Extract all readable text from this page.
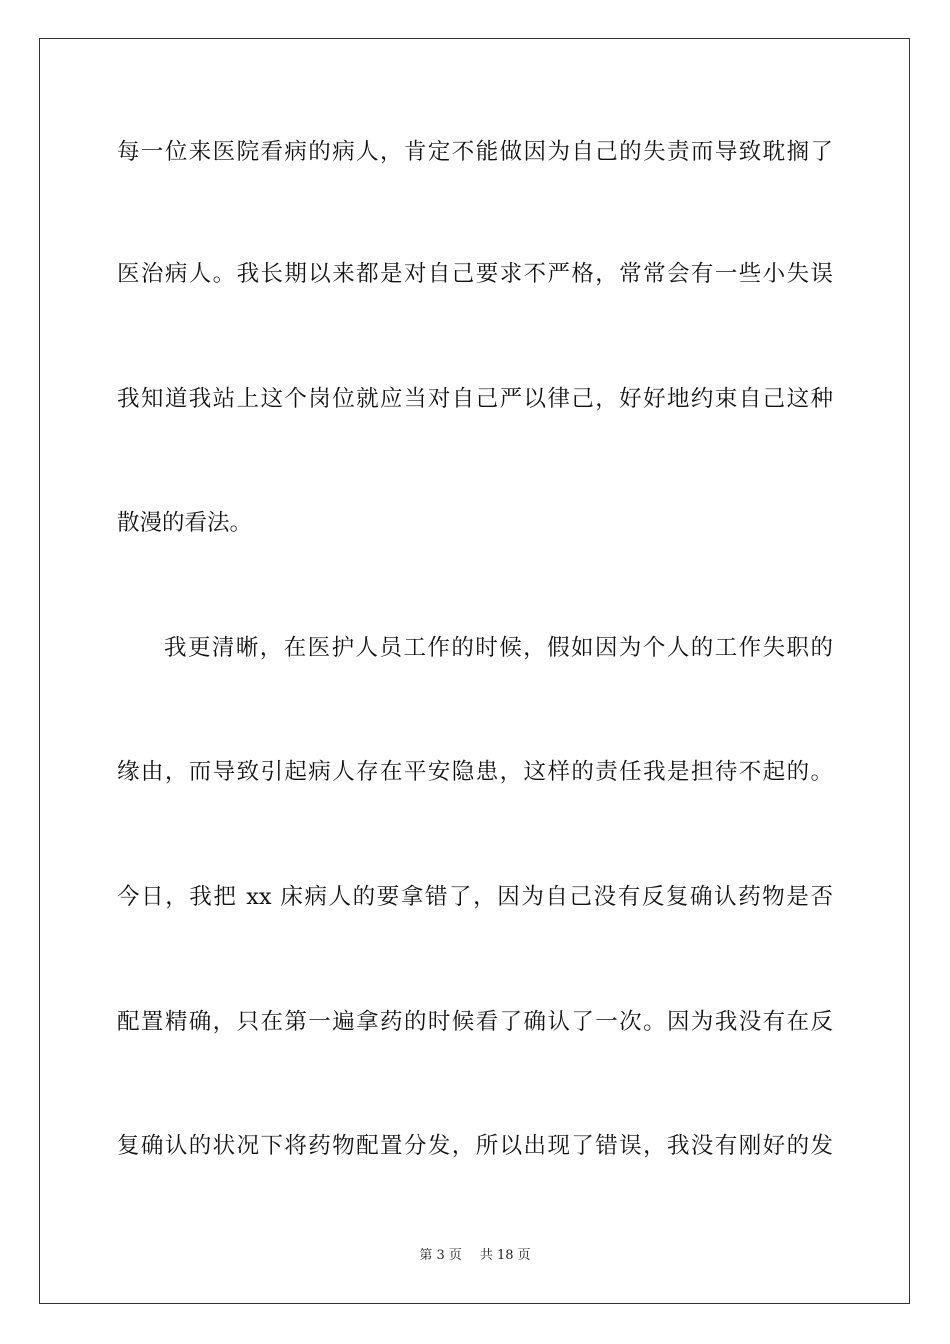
每一位来医院看病的病人，肯定不能做因为自己的失责而导致耽搁了
医治病人。我长期以来都是对自己要求不严格，常常会有一些小失误
我知道我站上这个岗位就应当对自己严以律己，好好地约束自己这种
散漫的看法。
我更清晰，在医护人员工作的时候，假如因为个人的工作失职的
缘由，而导致引起病人存在平安隐患，这样的责任我是担待不起的。
今日，我把 xx 床病人的要拿错了，因为自己没有反复确认药物是否
配置精确，只在第一遍拿药的时候看了确认了一次。因为我没有在反
复确认的状况下将药物配置分发，所以出现了错误，我没有刚好的发
第 3 页 共 18 页
